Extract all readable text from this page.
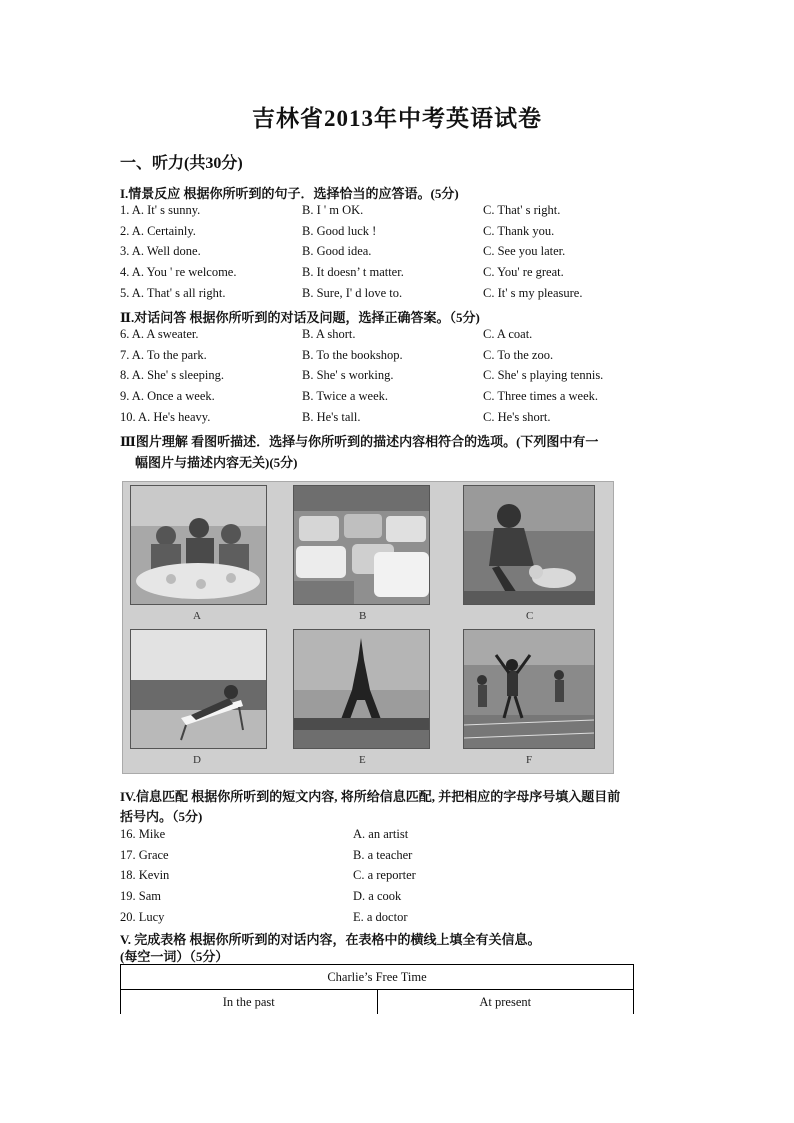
吉林省2013年中考英语试卷
一、听力(共30分)
I.情景反应 根据你所听到的句子．选择恰当的应答语。(5分)
1. A. It' s sunny.	B. I ' m OK.	C. That' s right.
2. A. Certainly.	B. Good luck !	C. Thank you.
3. A. Well done.	B. Good idea.	C. See you later.
4. A. You ' re welcome.	B. It doesn’ t matter.	C. You' re great.
5. A. That' s all right.	B. Sure, I' d love to.	C. It' s my pleasure.
Ⅱ.对话问答 根据你所听到的对话及问题，选择正确答案。（5分)
6. A. A sweater.	B. A short.	C. A coat.
7. A. To the park.	B. To the bookshop.	C. To the zoo.
8. A. She' s sleeping.	B. She' s working.	C. She' s playing tennis.
9. A. Once a week.	B. Twice a week.	C. Three times a week.
10. A. He's heavy.	B. He's tall.	C. He's short.
Ⅲ图片理解 看图听描述．选择与你所听到的描述内容相符合的选项。(下列图中有一
幅图片与描述内容无关)(5分)
A	B	C
D	E	F
IV.信息匹配 根据你所听到的短文内容, 将所给信息匹配, 并把相应的字母序号填入题目前
括号内。（5分)
16. Mike	A. an artist
17. Grace	B. a teacher
18. Kevin	C. a reporter
19. Sam	D. a cook
20. Lucy	E. a doctor
V. 完成表格 根据你所听到的对话内容，在表格中的横线上填全有关信息。
(每空一词）（5分）
Charlie’s Free Time
In the past	At present
